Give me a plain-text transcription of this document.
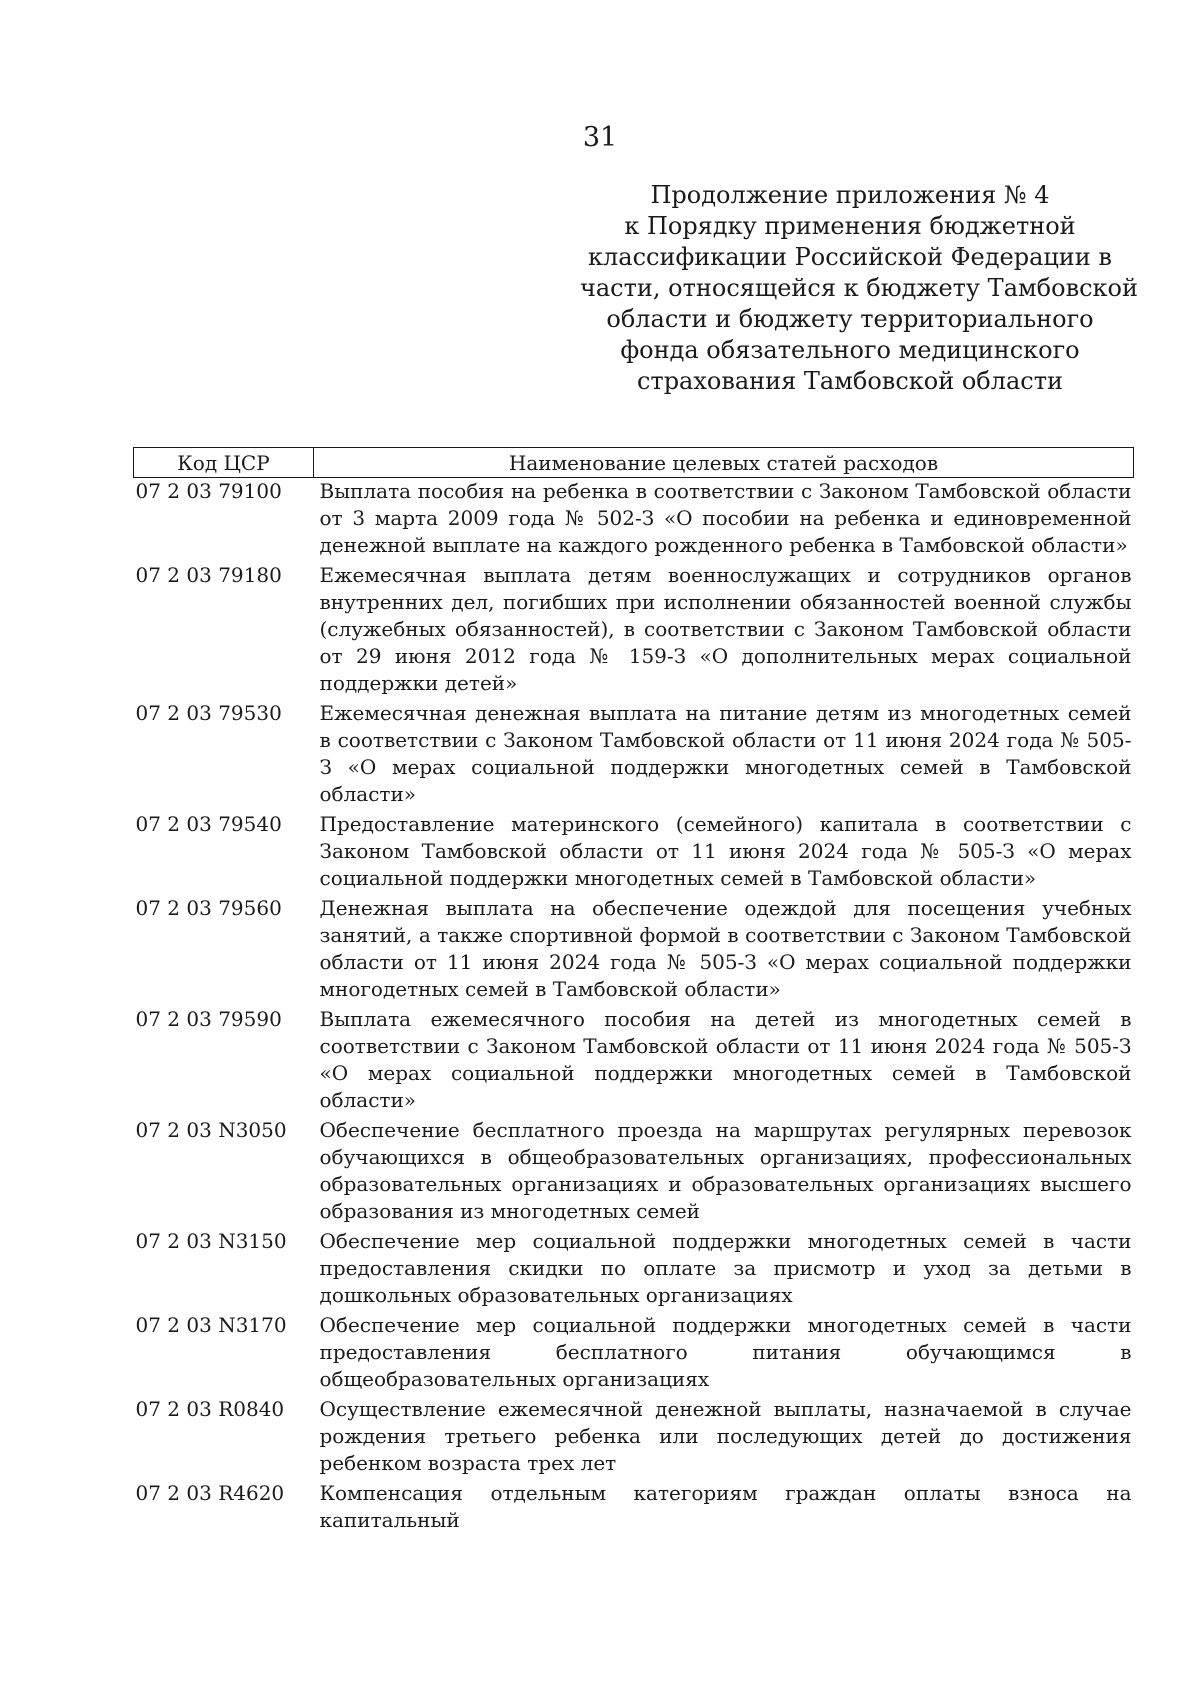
31
Продолжение приложения № 4
к Порядку применения бюджетной
классификации Российской Федерации в
части, относящейся к бюджету Тамбовской
области и бюджету территориального
фонда обязательного медицинского
страхования Тамбовской области
Код ЦСР	Наименование целевых статей расходов
07 2 03 79100	Выплата пособия на ребенка в соответствии с Законом Тамбовской области от 3 марта 2009 года № 502-З «О пособии на ребенка и единовременной денежной выплате на каждого рожденного ребенка в Тамбовской области»
07 2 03 79180	Ежемесячная выплата детям военнослужащих и сотрудников органов внутренних дел, погибших при исполнении обязанностей военной службы (служебных обязанностей), в соответствии с Законом Тамбовской области от 29 июня 2012 года № 159-З «О дополнительных мерах социальной поддержки детей»
07 2 03 79530	Ежемесячная денежная выплата на питание детям из многодетных семей в соответствии с Законом Тамбовской области от 11 июня 2024 года № 505-З «О мерах социальной поддержки многодетных семей в Тамбовской области»
07 2 03 79540	Предоставление материнского (семейного) капитала в соответствии с Законом Тамбовской области от 11 июня 2024 года № 505-З «О мерах социальной поддержки многодетных семей в Тамбовской области»
07 2 03 79560	Денежная выплата на обеспечение одеждой для посещения учебных занятий, а также спортивной формой в соответствии с Законом Тамбовской области от 11 июня 2024 года № 505-З «О мерах социальной поддержки многодетных семей в Тамбовской области»
07 2 03 79590	Выплата ежемесячного пособия на детей из многодетных семей в соответствии с Законом Тамбовской области от 11 июня 2024 года № 505-З «О мерах социальной поддержки многодетных семей в Тамбовской области»
07 2 03 N3050	Обеспечение бесплатного проезда на маршрутах регулярных перевозок обучающихся в общеобразовательных организациях, профессиональных образовательных организациях и образовательных организациях высшего образования из многодетных семей
07 2 03 N3150	Обеспечение мер социальной поддержки многодетных семей в части предоставления скидки по оплате за присмотр и уход за детьми в дошкольных образовательных организациях
07 2 03 N3170	Обеспечение мер социальной поддержки многодетных семей в части предоставления бесплатного питания обучающимся в общеобразовательных организациях
07 2 03 R0840	Осуществление ежемесячной денежной выплаты, назначаемой в случае рождения третьего ребенка или последующих детей до достижения ребенком возраста трех лет
07 2 03 R4620	Компенсация отдельным категориям граждан оплаты взноса на капитальный
